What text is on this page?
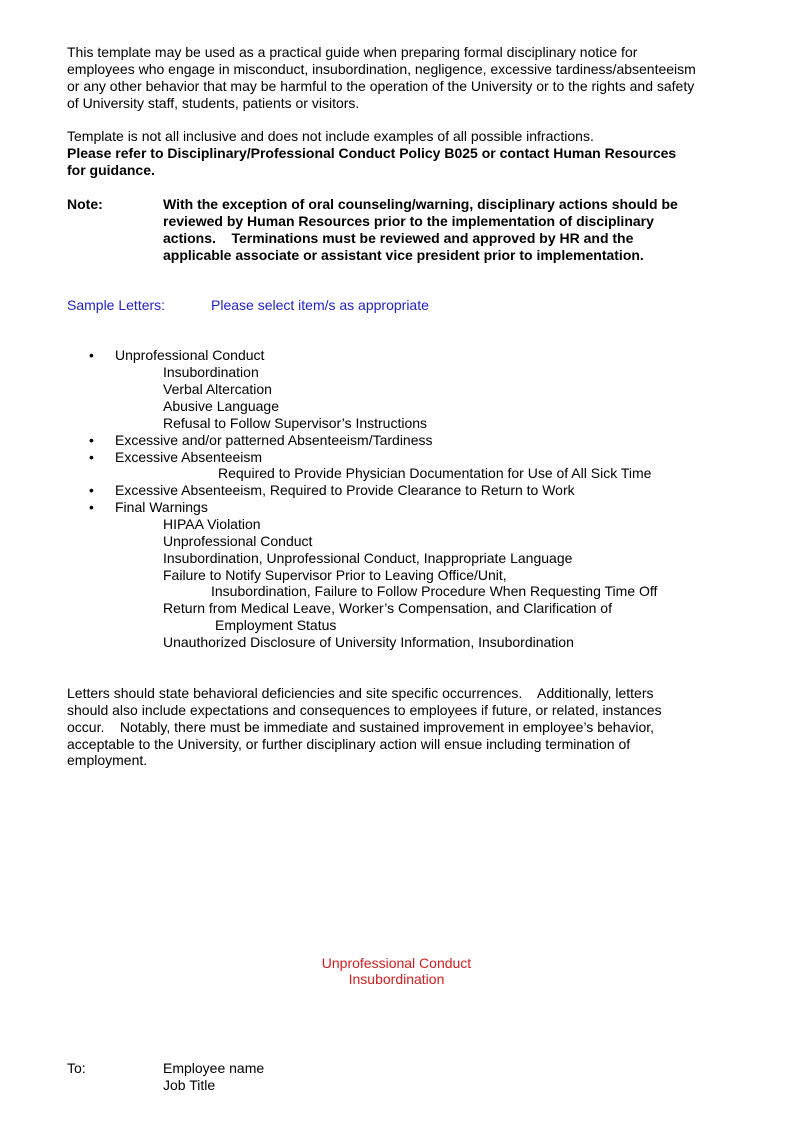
This template may be used as a practical guide when preparing formal disciplinary notice for

employees who engage in misconduct, insubordination, negligence, excessive tardiness/absenteeism

or any other behavior that may be harmful to the operation of the University or to the rights and safety

of University staff, students, patients or visitors.

Template is not all inclusive and does not include examples of all possible infractions.

Please refer to Disciplinary/Professional Conduct Policy B025 or contact Human Resources

for guidance.

Note:	With the exception of oral counseling/warning, disciplinary actions should be

reviewed by Human Resources prior to the implementation of disciplinary

actions.    Terminations must be reviewed and approved by HR and the

applicable associate or assistant vice president prior to implementation.

Sample Letters:	Please select item/s as appropriate

• Unprofessional Conduct

Insubordination

Verbal Altercation

Abusive Language

Refusal to Follow Supervisor’s Instructions

• Excessive and/or patterned Absenteeism/Tardiness

• Excessive Absenteeism

Required to Provide Physician Documentation for Use of All Sick Time

• Excessive Absenteeism, Required to Provide Clearance to Return to Work

• Final Warnings

HIPAA Violation

Unprofessional Conduct

Insubordination, Unprofessional Conduct, Inappropriate Language

Failure to Notify Supervisor Prior to Leaving Office/Unit,

Insubordination, Failure to Follow Procedure When Requesting Time Off

Return from Medical Leave, Worker’s Compensation, and Clarification of

Employment Status

Unauthorized Disclosure of University Information, Insubordination

Letters should state behavioral deficiencies and site specific occurrences.    Additionally, letters

should also include expectations and consequences to employees if future, or related, instances

occur.    Notably, there must be immediate and sustained improvement in employee’s behavior,

acceptable to the University, or further disciplinary action will ensue including termination of

employment.

Unprofessional Conduct

Insubordination

To:	Employee name

Job Title
